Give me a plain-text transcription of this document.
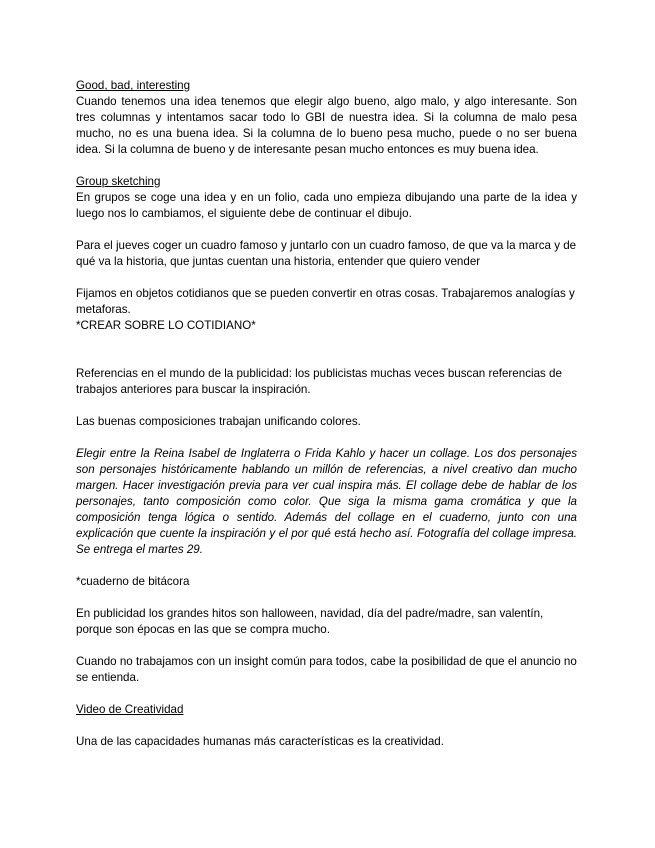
Good, bad, interesting

Cuando tenemos una idea tenemos que elegir algo bueno, algo malo, y algo interesante. Son tres columnas y intentamos sacar todo lo GBI de nuestra idea. Si la columna de malo pesa mucho, no es una buena idea. Si la columna de lo bueno pesa mucho, puede o no ser buena idea. Si la columna de bueno y de interesante pesan mucho entonces es muy buena idea.

Group sketching

En grupos se coge una idea y en un folio, cada uno empieza dibujando una parte de la idea y luego nos lo cambiamos, el siguiente debe de continuar el dibujo.

Para el jueves coger un cuadro famoso y juntarlo con un cuadro famoso, de que va la marca y de qué va la historia, que juntas cuentan una historia, entender que quiero vender

Fijamos en objetos cotidianos que se pueden convertir en otras cosas. Trabajaremos analogías y metaforas.

*CREAR SOBRE LO COTIDIANO*

Referencias en el mundo de la publicidad: los publicistas muchas veces buscan referencias de trabajos anteriores para buscar la inspiración.

Las buenas composiciones trabajan unificando colores.

Elegir entre la Reina Isabel de Inglaterra o Frida Kahlo y hacer un collage. Los dos personajes son personajes históricamente hablando un millón de referencias, a nivel creativo dan mucho margen. Hacer investigación previa para ver cual inspira más. El collage debe de hablar de los personajes, tanto composición como color. Que siga la misma gama cromática y que la composición tenga lógica o sentido. Además del collage en el cuaderno, junto con una explicación que cuente la inspiración y el por qué está hecho así. Fotografía del collage impresa. Se entrega el martes 29.

*cuaderno de bitácora

En publicidad los grandes hitos son halloween, navidad, día del padre/madre, san valentín, porque son épocas en las que se compra mucho.

Cuando no trabajamos con un insight común para todos, cabe la posibilidad de que el anuncio no se entienda.

Video de Creatividad

Una de las capacidades humanas más características es la creatividad.
